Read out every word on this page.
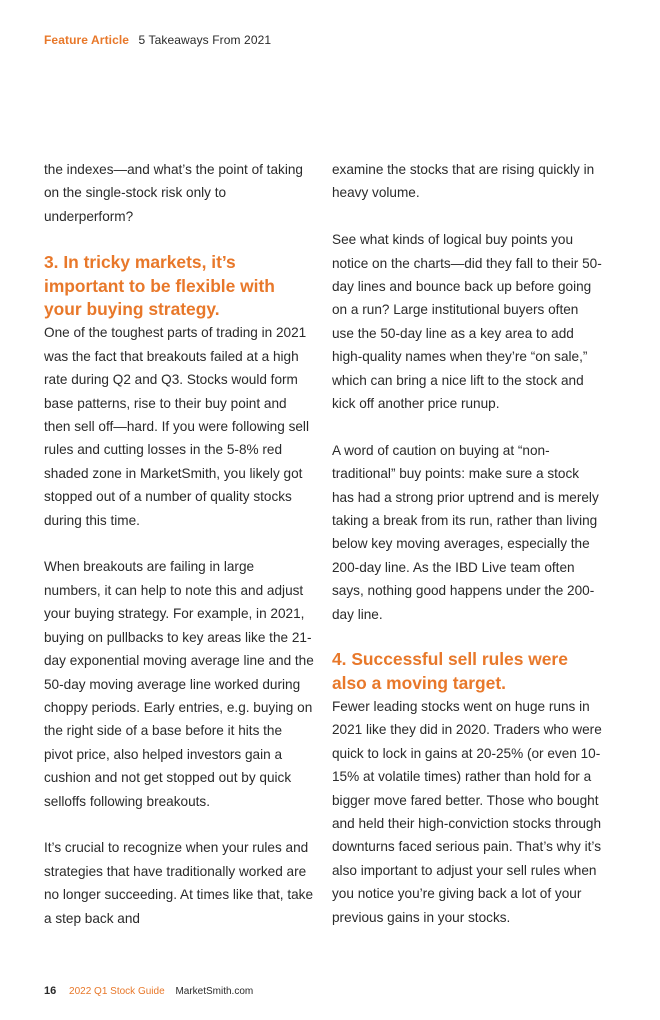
Feature Article 5 Takeaways From 2021

the indexes—and what’s the point of taking on the single-stock risk only to underperform?

3. In tricky markets, it’s important to be flexible with your buying strategy.

One of the toughest parts of trading in 2021 was the fact that breakouts failed at a high rate during Q2 and Q3. Stocks would form base patterns, rise to their buy point and then sell off—hard. If you were following sell rules and cutting losses in the 5-8% red shaded zone in MarketSmith, you likely got stopped out of a number of quality stocks during this time.

When breakouts are failing in large numbers, it can help to note this and adjust your buying strategy. For example, in 2021, buying on pullbacks to key areas like the 21-day exponential moving average line and the 50-day moving average line worked during choppy periods. Early entries, e.g. buying on the right side of a base before it hits the pivot price, also helped investors gain a cushion and not get stopped out by quick selloffs following breakouts.

It’s crucial to recognize when your rules and strategies that have traditionally worked are no longer succeeding. At times like that, take a step back and

examine the stocks that are rising quickly in heavy volume.

See what kinds of logical buy points you notice on the charts—did they fall to their 50-day lines and bounce back up before going on a run? Large institutional buyers often use the 50-day line as a key area to add high-quality names when they’re “on sale,” which can bring a nice lift to the stock and kick off another price runup.

A word of caution on buying at “non-traditional” buy points: make sure a stock has had a strong prior uptrend and is merely taking a break from its run, rather than living below key moving averages, especially the 200-day line. As the IBD Live team often says, nothing good happens under the 200-day line.

4. Successful sell rules were also a moving target.

Fewer leading stocks went on huge runs in 2021 like they did in 2020. Traders who were quick to lock in gains at 20-25% (or even 10-15% at volatile times) rather than hold for a bigger move fared better. Those who bought and held their high-conviction stocks through downturns faced serious pain. That’s why it’s also important to adjust your sell rules when you notice you’re giving back a lot of your previous gains in your stocks.

16 2022 Q1 Stock Guide MarketSmith.com
